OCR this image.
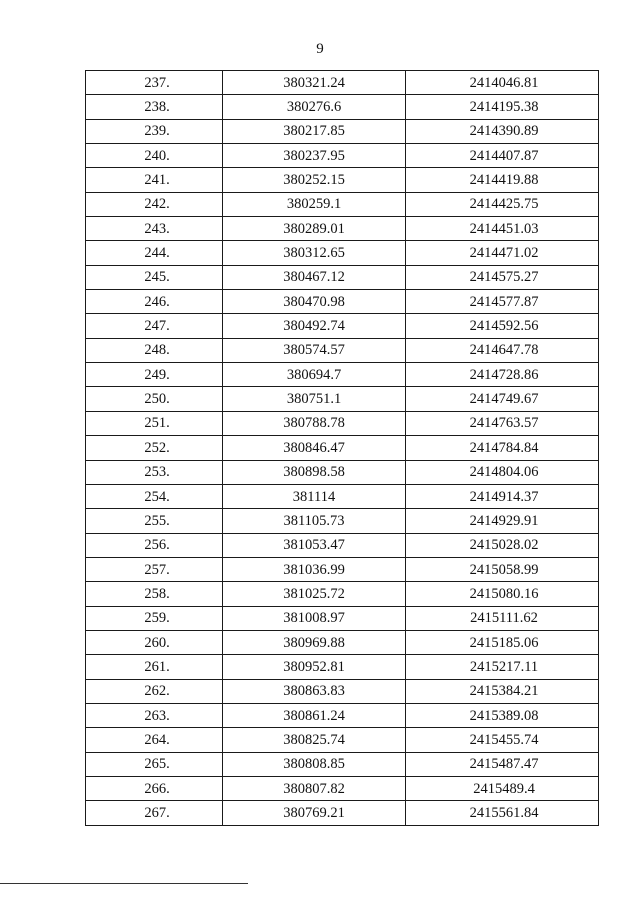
9
237.	380321.24	2414046.81
238.	380276.6	2414195.38
239.	380217.85	2414390.89
240.	380237.95	2414407.87
241.	380252.15	2414419.88
242.	380259.1	2414425.75
243.	380289.01	2414451.03
244.	380312.65	2414471.02
245.	380467.12	2414575.27
246.	380470.98	2414577.87
247.	380492.74	2414592.56
248.	380574.57	2414647.78
249.	380694.7	2414728.86
250.	380751.1	2414749.67
251.	380788.78	2414763.57
252.	380846.47	2414784.84
253.	380898.58	2414804.06
254.	381114	2414914.37
255.	381105.73	2414929.91
256.	381053.47	2415028.02
257.	381036.99	2415058.99
258.	381025.72	2415080.16
259.	381008.97	2415111.62
260.	380969.88	2415185.06
261.	380952.81	2415217.11
262.	380863.83	2415384.21
263.	380861.24	2415389.08
264.	380825.74	2415455.74
265.	380808.85	2415487.47
266.	380807.82	2415489.4
267.	380769.21	2415561.84
